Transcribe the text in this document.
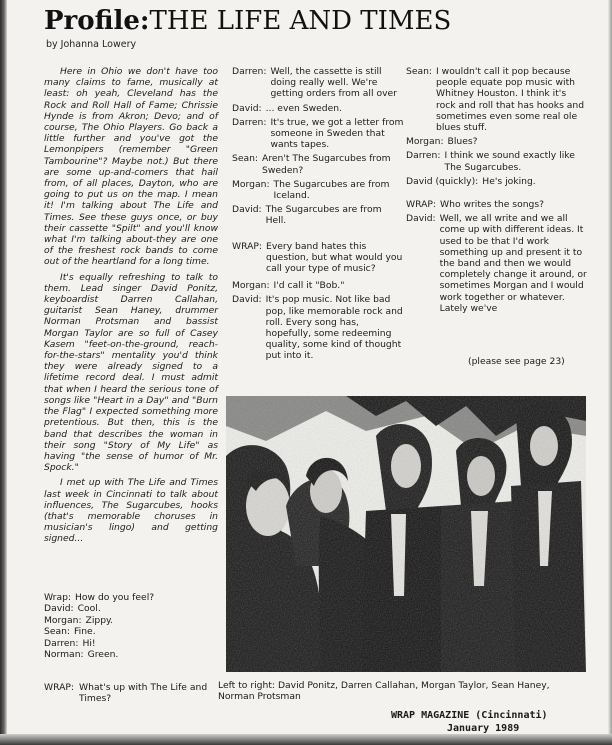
Profile:THE LIFE AND TIMES
by Johanna Lowery

Here in Ohio we don't have too many claims to fame, musically at least: oh yeah, Cleveland has the Rock and Roll Hall of Fame; Chrissie Hynde is from Akron; Devo; and of course, The Ohio Players. Go back a little further and you've got the Lemonpipers (remember "Green Tambourine"? Maybe not.) But there are some up-and-comers that hail from, of all places, Dayton, who are going to put us on the map. I mean it! I'm talking about The Life and Times. See these guys once, or buy their cassette "Spilt" and you'll know what I'm talking about-they are one of the freshest rock bands to come out of the heartland for a long time.

It's equally refreshing to talk to them. Lead singer David Ponitz, keyboardist Darren Callahan, guitarist Sean Haney, drummer Norman Protsman and bassist Morgan Taylor are so full of Casey Kasem "feet-on-the-ground, reach-for-the-stars" mentality you'd think they were already signed to a lifetime record deal. I must admit that when I heard the serious tone of songs like "Heart in a Day" and "Burn the Flag" I expected something more pretentious. But then, this is the band that describes the woman in their song "Story of My Life" as having "the sense of humor of Mr. Spock."

I met up with The Life and Times last week in Cincinnati to talk about influences, The Sugarcubes, hooks (that's memorable choruses in musician's lingo) and getting signed...

Wrap: How do you feel?
David: Cool.
Morgan: Zippy.
Sean: Fine.
Darren: Hi!
Norman: Green.
WRAP: What's up with The Life and Times?
Darren: Well, the cassette is still doing really well. We're getting orders from all over
David: ... even Sweden.
Darren: It's true, we got a letter from someone in Sweden that wants tapes.
Sean: Aren't The Sugarcubes from Sweden?
Morgan: The Sugarcubes are from Iceland.
David: The Sugarcubes are from Hell.
WRAP: Every band hates this question, but what would you call your type of music?
Morgan: I'd call it "Bob."
David: It's pop music. Not like bad pop, like memorable rock and roll. Every song has, hopefully, some redeeming quality, some kind of thought put into it.
Sean: I wouldn't call it pop because people equate pop music with Whitney Houston. I think it's rock and roll that has hooks and sometimes even some real ole blues stuff.
Morgan: Blues?
Darren: I think we sound exactly like The Sugarcubes.
David (quickly): He's joking.
WRAP: Who writes the songs?
David: Well, we all write and we all come up with different ideas. It used to be that I'd work something up and present it to the band and then we would completely change it around, or sometimes Morgan and I would work together or whatever. Lately we've
(please see page 23)
Left to right: David Ponitz, Darren Callahan, Morgan Taylor, Sean Haney, Norman Protsman
WRAP MAGAZINE (Cincinnati)
January 1989
